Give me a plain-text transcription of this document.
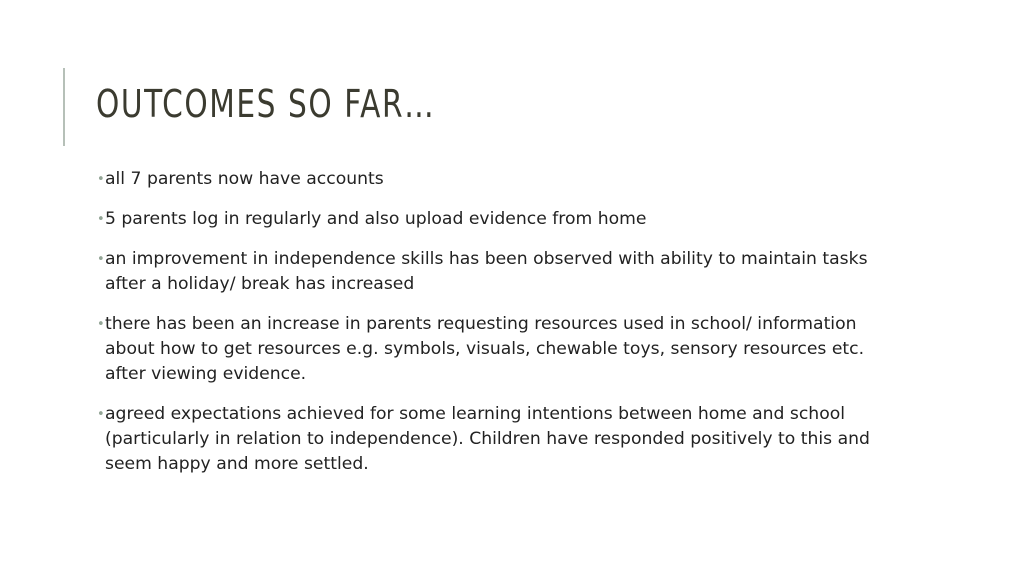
OUTCOMES SO FAR…
•all 7 parents now have accounts
•5 parents log in regularly and also upload evidence from home
•an improvement in independence skills has been observed with ability to maintain tasks after a holiday/ break has increased
•there has been an increase in parents requesting resources used in school/ information about how to get resources e.g. symbols, visuals, chewable toys, sensory resources etc. after viewing evidence.
•agreed expectations achieved for some learning intentions between home and school (particularly in relation to independence). Children have responded positively to this and seem happy and more settled.
